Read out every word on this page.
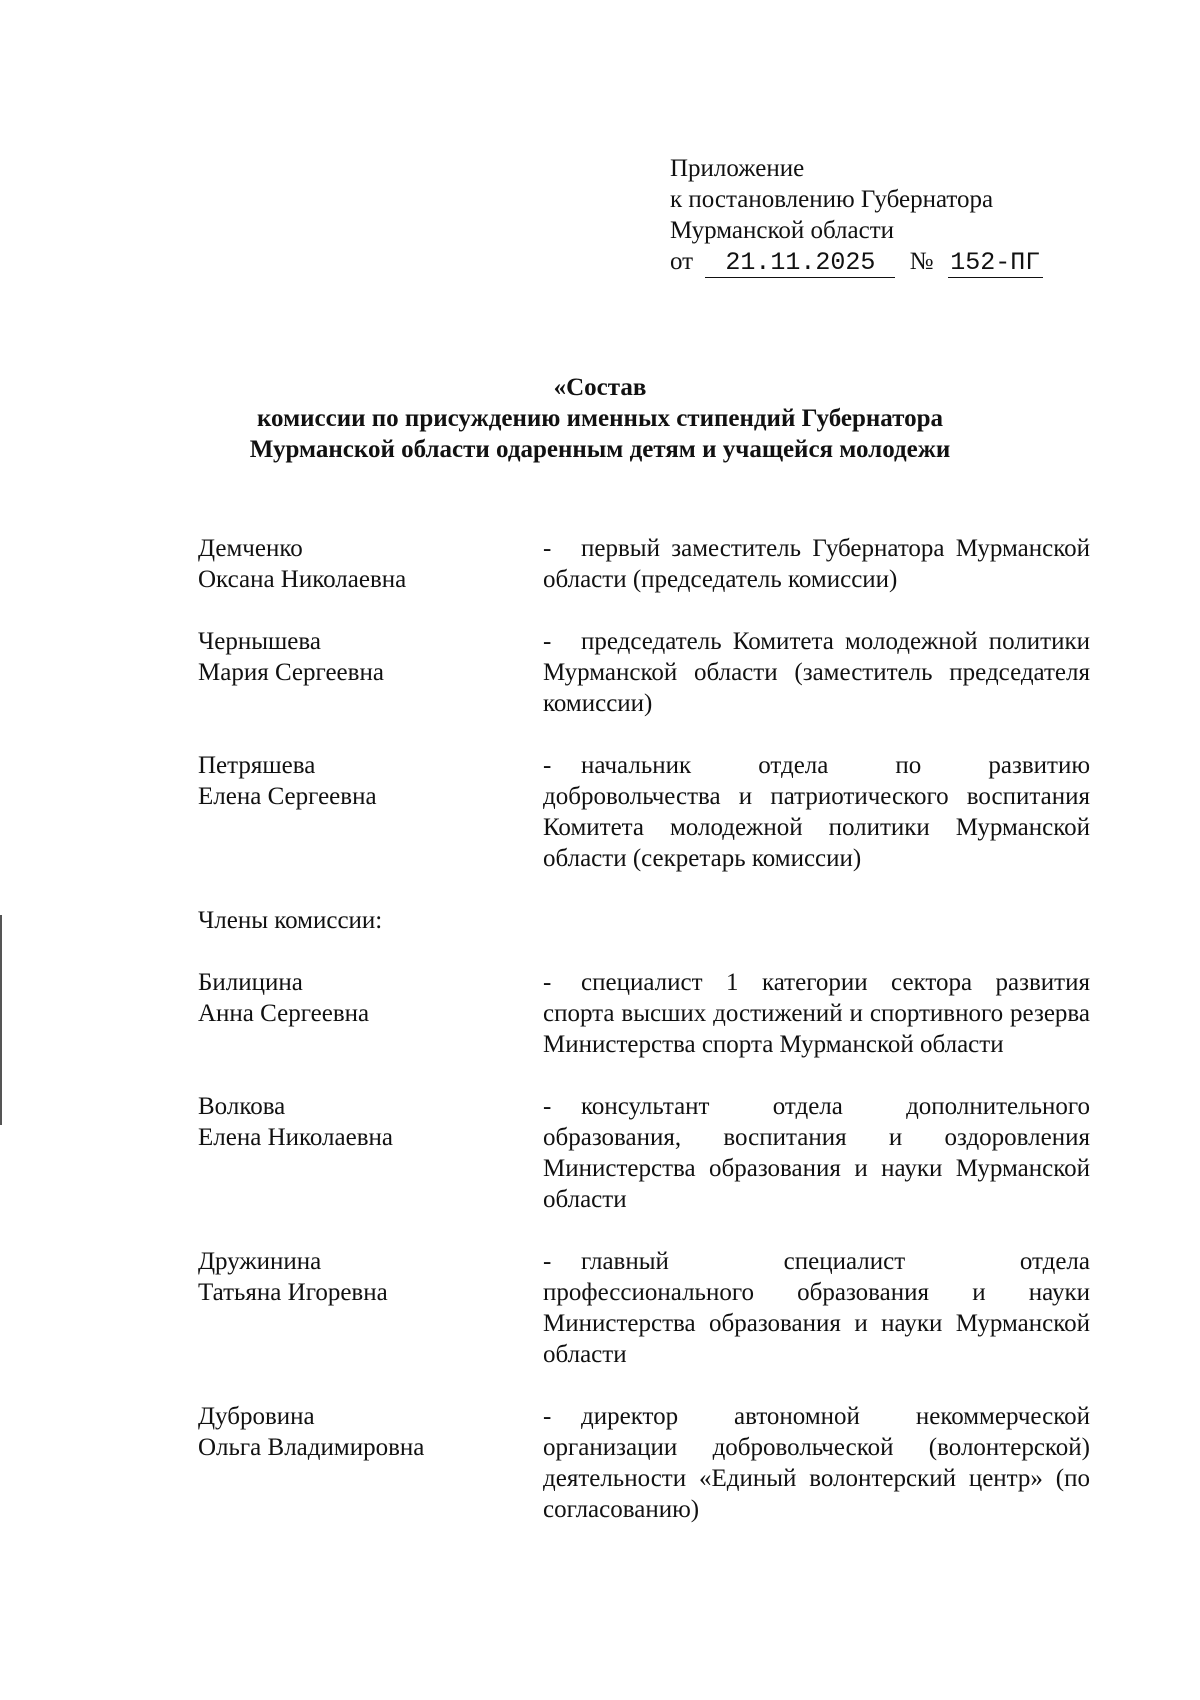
Приложение
к постановлению Губернатора
Мурманской области
от 21.11.2025 № 152-ПГ
«Состав
комиссии по присуждению именных стипендий Губернатора
Мурманской области одаренным детям и учащейся молодежи
Демченко
Оксана Николаевна
- первый заместитель Губернатора Мурманской области (председатель комиссии)
Чернышева
Мария Сергеевна
- председатель Комитета молодежной политики Мурманской области (заместитель председателя комиссии)
Петряшева
Елена Сергеевна
- начальник отдела по развитию добровольчества и патриотического воспитания Комитета молодежной политики Мурманской области (секретарь комиссии)
Члены комиссии:
Билицина
Анна Сергеевна
- специалист 1 категории сектора развития спорта высших достижений и спортивного резерва Министерства спорта Мурманской области
Волкова
Елена Николаевна
- консультант отдела дополнительного образования, воспитания и оздоровления Министерства образования и науки Мурманской области
Дружинина
Татьяна Игоревна
- главный специалист отдела профессионального образования и науки Министерства образования и науки Мурманской области
Дубровина
Ольга Владимировна
- директор автономной некоммерческой организации добровольческой (волонтерской) деятельности «Единый волонтерский центр» (по согласованию)
